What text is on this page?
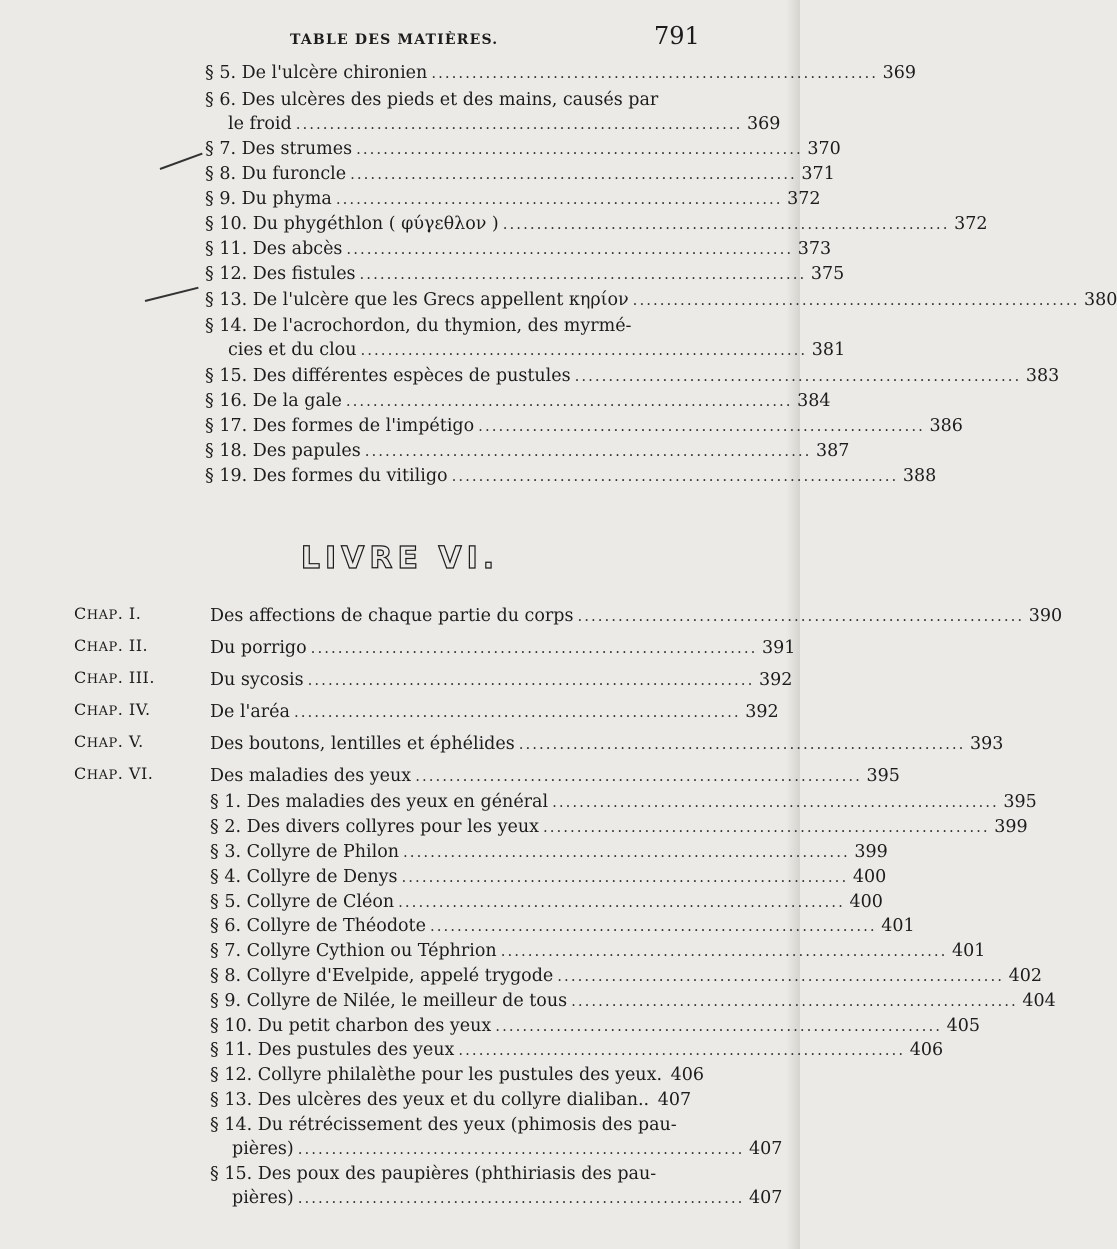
TABLE DES MATIÈRES.	791
§ 5. De l'ulcère chironien .................................................................. 369
§ 6. Des ulcères des pieds et des mains, causés par
le froid .................................................................. 369
§ 7. Des strumes .................................................................. 370
§ 8. Du furoncle .................................................................. 371
§ 9. Du phyma .................................................................. 372
§ 10. Du phygéthlon ( φύγεθλον ) .................................................................. 372
§ 11. Des abcès .................................................................. 373
§ 12. Des fistules .................................................................. 375
§ 13. De l'ulcère que les Grecs appellent κηρίον .................................................................. 380
§ 14. De l'acrochordon, du thymion, des myrmé-
cies et du clou .................................................................. 381
§ 15. Des différentes espèces de pustules .................................................................. 383
§ 16. De la gale .................................................................. 384
§ 17. Des formes de l'impétigo .................................................................. 386
§ 18. Des papules .................................................................. 387
§ 19. Des formes du vitiligo .................................................................. 388
LIVRE VI.
CHAP. I.	Des affections de chaque partie du corps .................................................................. 390
CHAP. II.	Du porrigo .................................................................. 391
CHAP. III.	Du sycosis .................................................................. 392
CHAP. IV.	De l'aréa .................................................................. 392
CHAP. V.	Des boutons, lentilles et éphélides .................................................................. 393
CHAP. VI.	Des maladies des yeux .................................................................. 395
§ 1. Des maladies des yeux en général .................................................................. 395
§ 2. Des divers collyres pour les yeux .................................................................. 399
§ 3. Collyre de Philon .................................................................. 399
§ 4. Collyre de Denys .................................................................. 400
§ 5. Collyre de Cléon .................................................................. 400
§ 6. Collyre de Théodote .................................................................. 401
§ 7. Collyre Cythion ou Téphrion .................................................................. 401
§ 8. Collyre d'Evelpide, appelé trygode .................................................................. 402
§ 9. Collyre de Nilée, le meilleur de tous .................................................................. 404
§ 10. Du petit charbon des yeux .................................................................. 405
§ 11. Des pustules des yeux .................................................................. 406
§ 12. Collyre philalèthe pour les pustules des yeux. 406
§ 13. Des ulcères des yeux et du collyre dialiban.. 407
§ 14. Du rétrécissement des yeux (phimosis des pau-
pières) .................................................................. 407
§ 15. Des poux des paupières (phthiriasis des pau-
pières) .................................................................. 407
